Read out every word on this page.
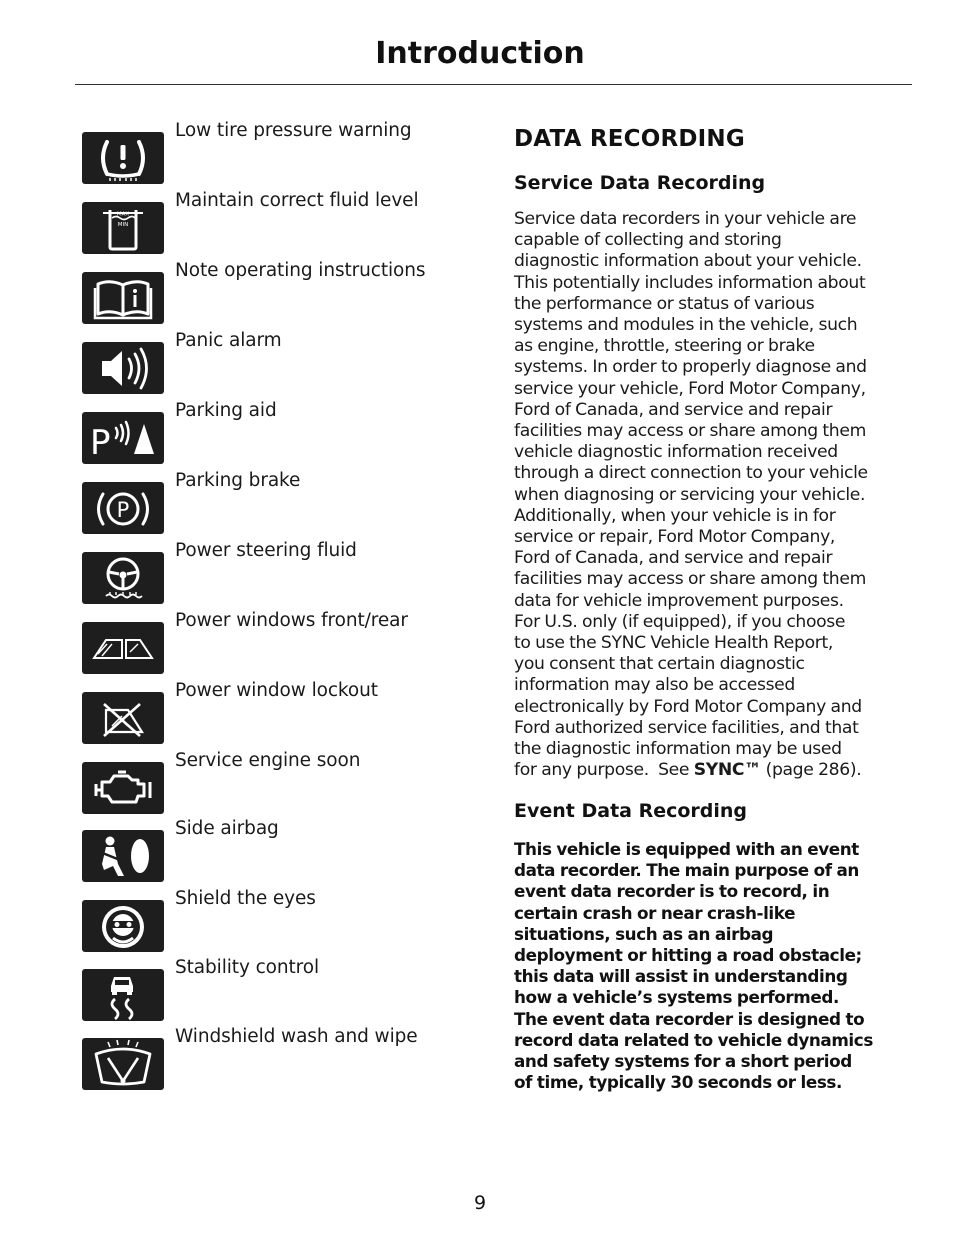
Introduction
Low tire pressure warning
MAX
MIN
Maintain correct fluid level
Note operating instructions
Panic alarm
P
Parking aid
P
Parking brake
Power steering fluid
Power windows front/rear
Power window lockout
Service engine soon
Side airbag
Shield the eyes
Stability control
Windshield wash and wipe
DATA RECORDING
Service Data Recording
Service data recorders in your vehicle are
capable of collecting and storing
diagnostic information about your vehicle.
This potentially includes information about
the performance or status of various
systems and modules in the vehicle, such
as engine, throttle, steering or brake
systems. In order to properly diagnose and
service your vehicle, Ford Motor Company,
Ford of Canada, and service and repair
facilities may access or share among them
vehicle diagnostic information received
through a direct connection to your vehicle
when diagnosing or servicing your vehicle.
Additionally, when your vehicle is in for
service or repair, Ford Motor Company,
Ford of Canada, and service and repair
facilities may access or share among them
data for vehicle improvement purposes.
For U.S. only (if equipped), if you choose
to use the SYNC Vehicle Health Report,
you consent that certain diagnostic
information may also be accessed
electronically by Ford Motor Company and
Ford authorized service facilities, and that
the diagnostic information may be used
for any purpose.  See SYNC™ (page 286).
Event Data Recording
This vehicle is equipped with an event
data recorder. The main purpose of an
event data recorder is to record, in
certain crash or near crash-like
situations, such as an airbag
deployment or hitting a road obstacle;
this data will assist in understanding
how a vehicle’s systems performed.
The event data recorder is designed to
record data related to vehicle dynamics
and safety systems for a short period
of time, typically 30 seconds or less.
9
